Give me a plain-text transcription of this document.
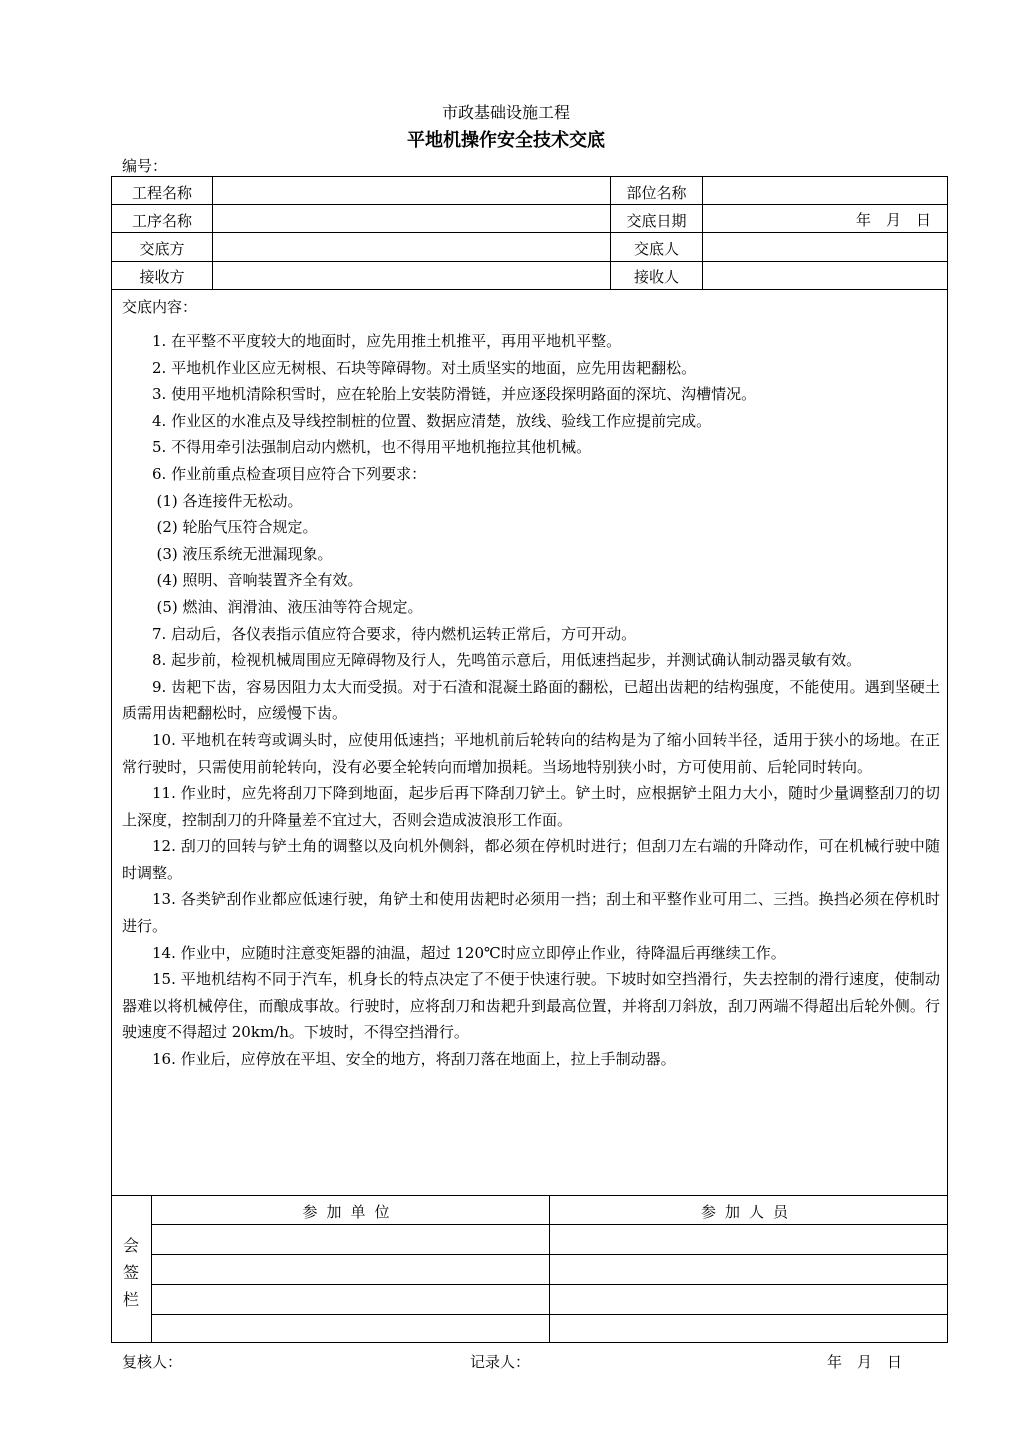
市政基础设施工程
平地机操作安全技术交底
编号：
工程名称	部位名称
工序名称	交底日期	年　月　日
交底方	交底人
接收方	接收人
交底内容：

1. 在平整不平度较大的地面时，应先用推土机推平，再用平地机平整。

2. 平地机作业区应无树根、石块等障碍物。对土质坚实的地面，应先用齿耙翻松。

3. 使用平地机清除积雪时，应在轮胎上安装防滑链，并应逐段探明路面的深坑、沟槽情况。

4. 作业区的水准点及导线控制桩的位置、数据应清楚，放线、验线工作应提前完成。

5. 不得用牵引法强制启动内燃机，也不得用平地机拖拉其他机械。

6. 作业前重点检查项目应符合下列要求：

(1) 各连接件无松动。

(2) 轮胎气压符合规定。

(3) 液压系统无泄漏现象。

(4) 照明、音响装置齐全有效。

(5) 燃油、润滑油、液压油等符合规定。

7. 启动后，各仪表指示值应符合要求，待内燃机运转正常后，方可开动。

8. 起步前，检视机械周围应无障碍物及行人，先鸣笛示意后，用低速挡起步，并测试确认制动器灵敏有效。

9. 齿耙下齿，容易因阻力太大而受损。对于石渣和混凝土路面的翻松，已超出齿耙的结构强度，不能使用。遇到坚硬土质需用齿耙翻松时，应缓慢下齿。

10. 平地机在转弯或调头时，应使用低速挡；平地机前后轮转向的结构是为了缩小回转半径，适用于狭小的场地。在正常行驶时，只需使用前轮转向，没有必要全轮转向而增加损耗。当场地特别狭小时，方可使用前、后轮同时转向。

11. 作业时，应先将刮刀下降到地面，起步后再下降刮刀铲土。铲土时，应根据铲土阻力大小，随时少量调整刮刀的切上深度，控制刮刀的升降量差不宜过大，否则会造成波浪形工作面。

12. 刮刀的回转与铲土角的调整以及向机外侧斜，都必须在停机时进行；但刮刀左右端的升降动作，可在机械行驶中随时调整。

13. 各类铲刮作业都应低速行驶，角铲土和使用齿耙时必须用一挡；刮土和平整作业可用二、三挡。换挡必须在停机时进行。

14. 作业中，应随时注意变矩器的油温，超过 120℃时应立即停止作业，待降温后再继续工作。

15. 平地机结构不同于汽车，机身长的特点决定了不便于快速行驶。下坡时如空挡滑行，失去控制的滑行速度，使制动器难以将机械停住，而酿成事故。行驶时，应将刮刀和齿耙升到最高位置，并将刮刀斜放，刮刀两端不得超出后轮外侧。行驶速度不得超过 20km/h。下坡时，不得空挡滑行。

16. 作业后，应停放在平坦、安全的地方，将刮刀落在地面上，拉上手制动器。

会
签
栏
参加单位	参加人员
复核人：	记录人：	年　月　日
